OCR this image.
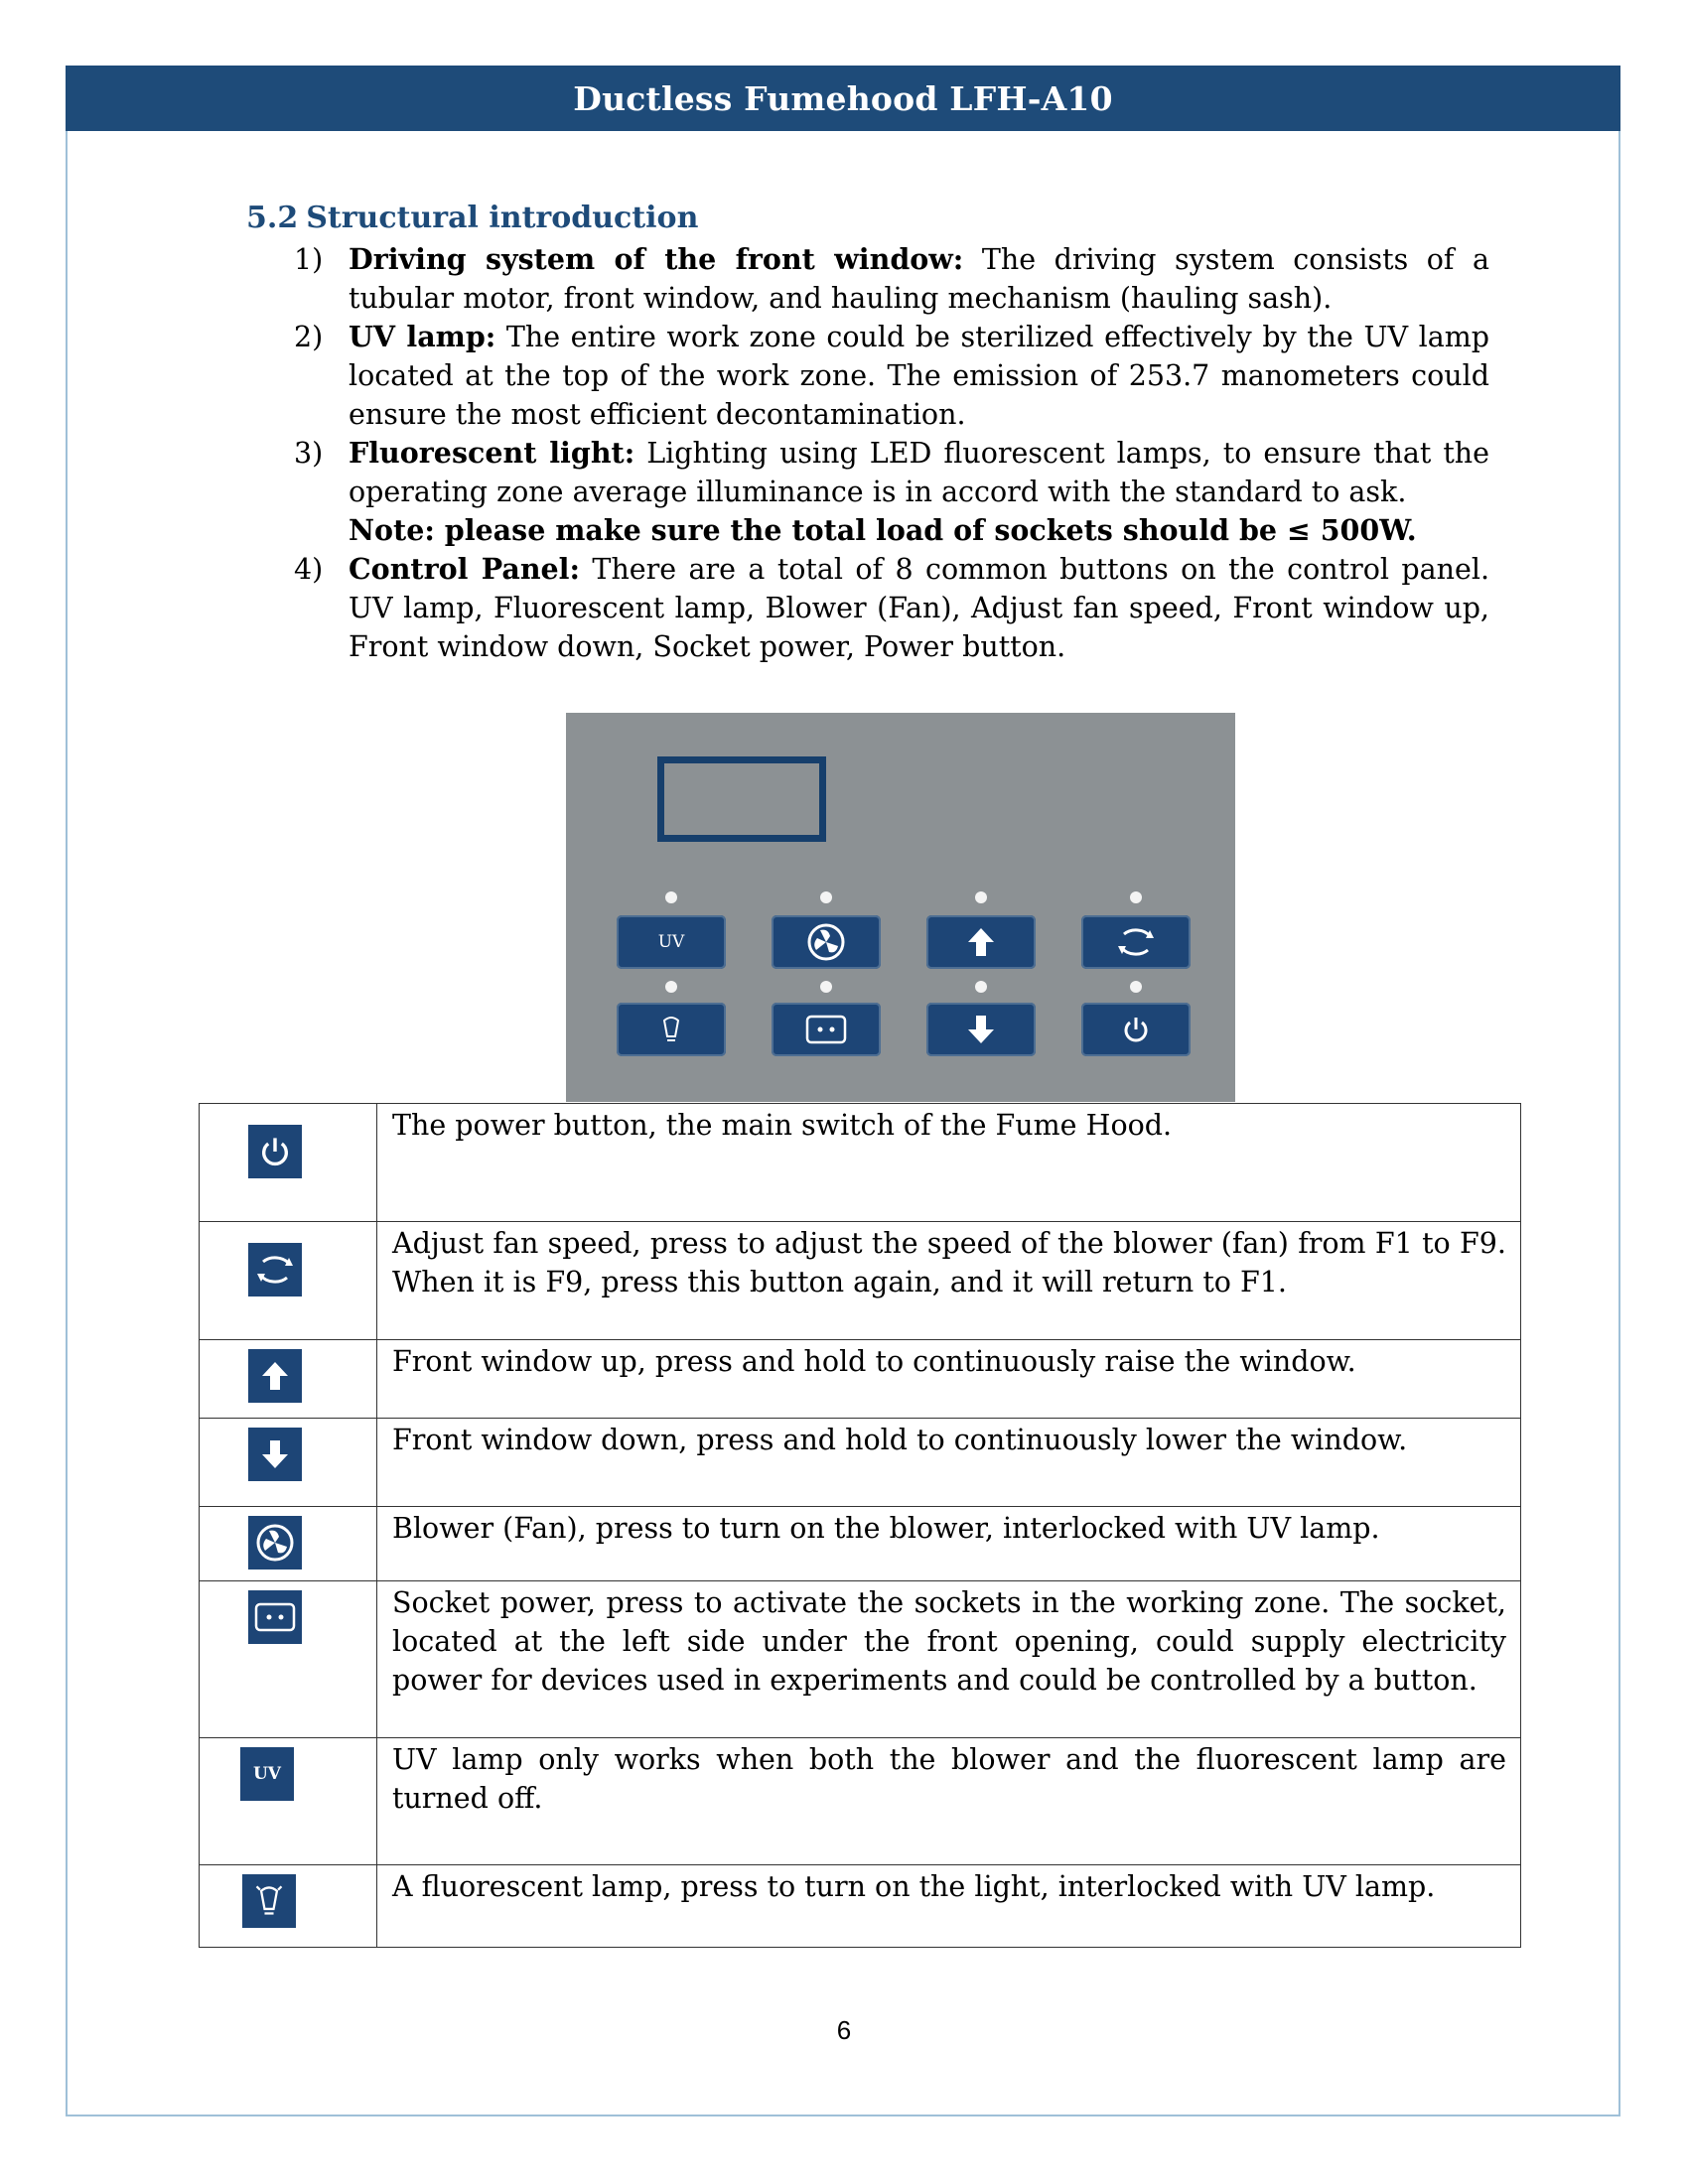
Ductless Fumehood LFH-A10
5.2 Structural introduction
1) Driving system of the front window: The driving system consists of a tubular motor, front window, and hauling mechanism (hauling sash).
2) UV lamp: The entire work zone could be sterilized effectively by the UV lamp located at the top of the work zone. The emission of 253.7 manometers could ensure the most efficient decontamination.
3) Fluorescent light: Lighting using LED fluorescent lamps, to ensure that the operating zone average illuminance is in accord with the standard to ask.
Note: please make sure the total load of sockets should be ≤ 500W.
4) Control Panel: There are a total of 8 common buttons on the control panel. UV lamp, Fluorescent lamp, Blower (Fan), Adjust fan speed, Front window up, Front window down, Socket power, Power button.
UV
	The power button, the main switch of the Fume Hood.

	Adjust fan speed, press to adjust the speed of the blower (fan) from F1 to F9. When it is F9, press this button again, and it will return to F1.

	Front window up, press and hold to continuously raise the window.

	Front window down, press and hold to continuously lower the window.

	Blower (Fan), press to turn on the blower, interlocked with UV lamp.

	Socket power, press to activate the sockets in the working zone. The socket, located at the left side under the front opening, could supply electricity power for devices used in experiments and could be controlled by a button.

UV	UV lamp only works when both the blower and the fluorescent lamp are turned off.

	A fluorescent lamp, press to turn on the light, interlocked with UV lamp.
6
